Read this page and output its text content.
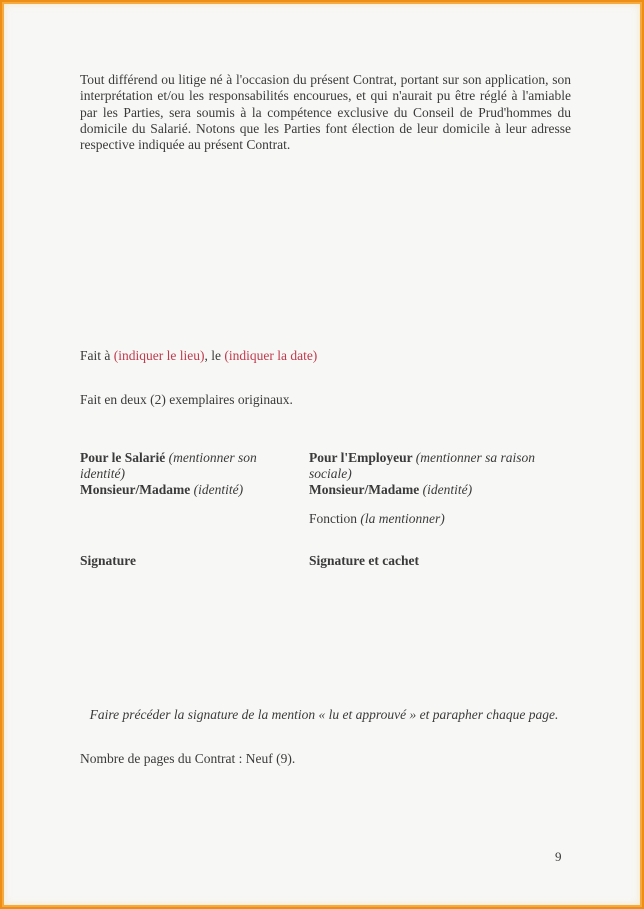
Tout différend ou litige né à l'occasion du présent Contrat, portant sur son application, son interprétation et/ou les responsabilités encourues, et qui n'aurait pu être réglé à l'amiable par les Parties, sera soumis à la compétence exclusive du Conseil de Prud'hommes du domicile du Salarié. Notons que les Parties font élection de leur domicile à leur adresse respective indiquée au présent Contrat.
Fait à (indiquer le lieu), le (indiquer la date)
Fait en deux (2) exemplaires originaux.
Pour le Salarié (mentionner son identité)
Pour l'Employeur (mentionner sa raison sociale)
Monsieur/Madame (identité)	Monsieur/Madame (identité)
Fonction (la mentionner)
Signature	Signature et cachet
Faire précéder la signature de la mention « lu et approuvé » et parapher chaque page.
Nombre de pages du Contrat : Neuf (9).
9
